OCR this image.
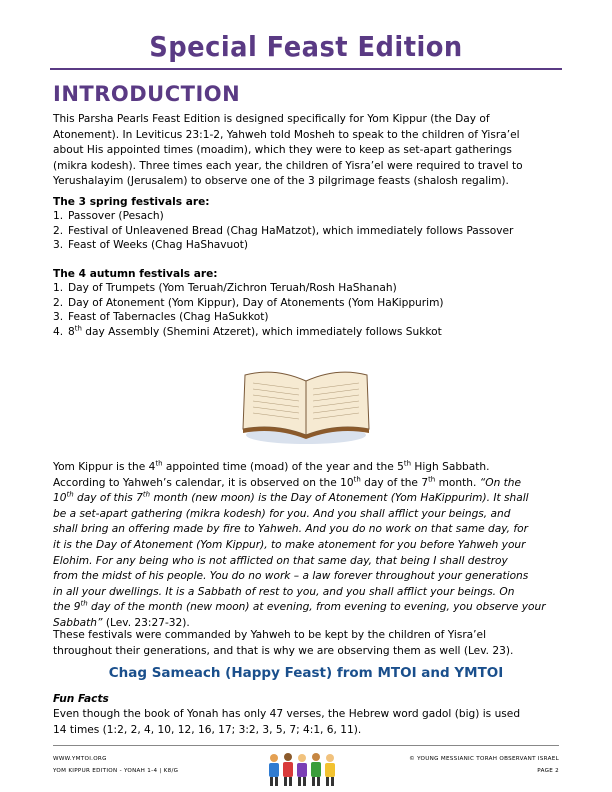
Special Feast Edition
INTRODUCTION
This Parsha Pearls Feast Edition is designed specifically for Yom Kippur (the Day of
Atonement). In Leviticus 23:1-2, Yahweh told Mosheh to speak to the children of Yisra’el
about His appointed times (moadim), which they were to keep as set-apart gatherings
(mikra kodesh). Three times each year, the children of Yisra’el were required to travel to
Yerushalayim (Jerusalem) to observe one of the 3 pilgrimage feasts (shalosh regalim).
The 3 spring festivals are:
1. Passover (Pesach)
2. Festival of Unleavened Bread (Chag HaMatzot), which immediately follows Passover
3. Feast of Weeks (Chag HaShavuot)
The 4 autumn festivals are:
1. Day of Trumpets (Yom Teruah/Zichron Teruah/Rosh HaShanah)
2. Day of Atonement (Yom Kippur), Day of Atonements (Yom HaKippurim)
3. Feast of Tabernacles (Chag HaSukkot)
4. 8th day Assembly (Shemini Atzeret), which immediately follows Sukkot
Yom Kippur is the 4th appointed time (moad) of the year and the 5th High Sabbath.
According to Yahweh’s calendar, it is observed on the 10th day of the 7th month. “On the
10th day of this 7th month (new moon) is the Day of Atonement (Yom HaKippurim). It shall
be a set-apart gathering (mikra kodesh) for you. And you shall afflict your beings, and
shall bring an offering made by fire to Yahweh. And you do no work on that same day, for
it is the Day of Atonement (Yom Kippur), to make atonement for you before Yahweh your
Elohim. For any being who is not afflicted on that same day, that being I shall destroy
from the midst of his people. You do no work – a law forever throughout your generations
in all your dwellings. It is a Sabbath of rest to you, and you shall afflict your beings. On
the 9th day of the month (new moon) at evening, from evening to evening, you observe your
Sabbath” (Lev. 23:27-32).
These festivals were commanded by Yahweh to be kept by the children of Yisra’el
throughout their generations, and that is why we are observing them as well (Lev. 23).
Chag Sameach (Happy Feast) from MTOI and YMTOI
Fun Facts
Even though the book of Yonah has only 47 verses, the Hebrew word gadol (big) is used
14 times (1:2, 2, 4, 10, 12, 16, 17; 3:2, 3, 5, 7; 4:1, 6, 11).
WWW.YMTOI.ORG
YOM KIPPUR EDITION - YONAH 1-4 | K8/G
© YOUNG MESSIANIC TORAH OBSERVANT ISRAEL
PAGE 2
